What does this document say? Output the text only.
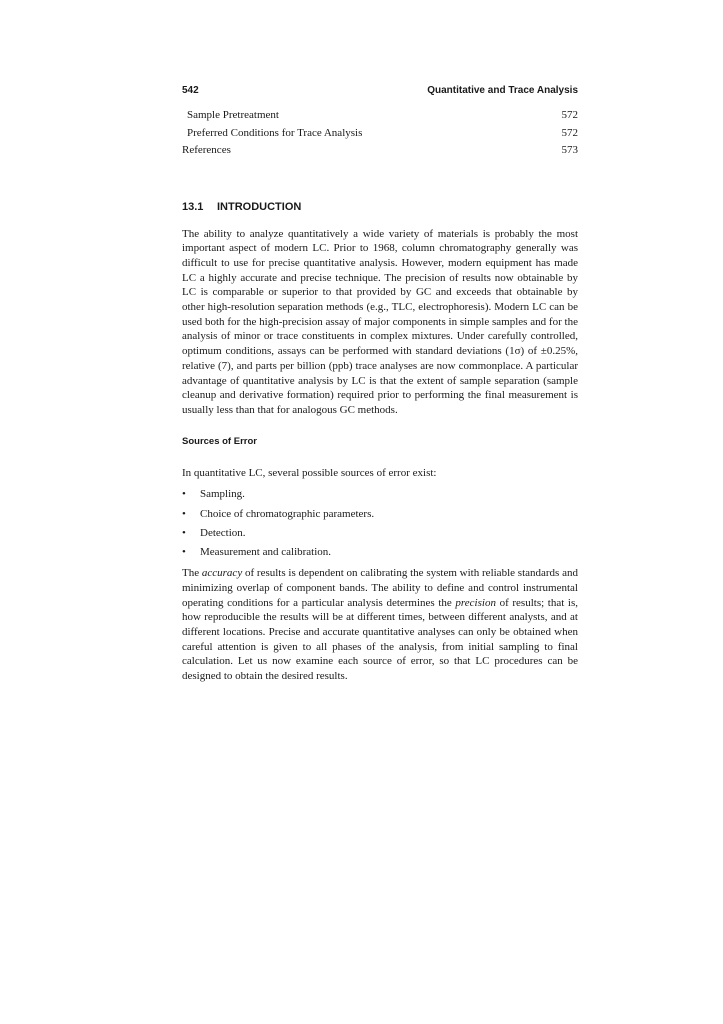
542	Quantitative and Trace Analysis
Sample Pretreatment	572
Preferred Conditions for Trace Analysis	572
References	573
13.1	INTRODUCTION

The ability to analyze quantitatively a wide variety of materials is probably the most important aspect of modern LC. Prior to 1968, column chromatography generally was difficult to use for precise quantitative analysis. However, modern equipment has made LC a highly accurate and precise technique. The precision of results now obtainable by LC is comparable or superior to that provided by GC and exceeds that obtainable by other high-resolution separation methods (e.g., TLC, electrophoresis). Modern LC can be used both for the high-precision assay of major components in simple samples and for the analysis of minor or trace constituents in complex mixtures. Under carefully controlled, optimum conditions, assays can be performed with standard deviations (1σ) of ±0.25%, relative (7), and parts per billion (ppb) trace analyses are now commonplace. A particular advantage of quantitative analysis by LC is that the extent of sample separation (sample cleanup and derivative formation) required prior to performing the final measurement is usually less than that for analogous GC methods.

Sources of Error

In quantitative LC, several possible sources of error exist:

•	Sampling.
•	Choice of chromatographic parameters.
•	Detection.
•	Measurement and calibration.

The accuracy of results is dependent on calibrating the system with reliable standards and minimizing overlap of component bands. The ability to define and control instrumental operating conditions for a particular analysis determines the precision of results; that is, how reproducible the results will be at different times, between different analysts, and at different locations. Precise and accurate quantitative analyses can only be obtained when careful attention is given to all phases of the analysis, from initial sampling to final calculation. Let us now examine each source of error, so that LC procedures can be designed to obtain the desired results.
